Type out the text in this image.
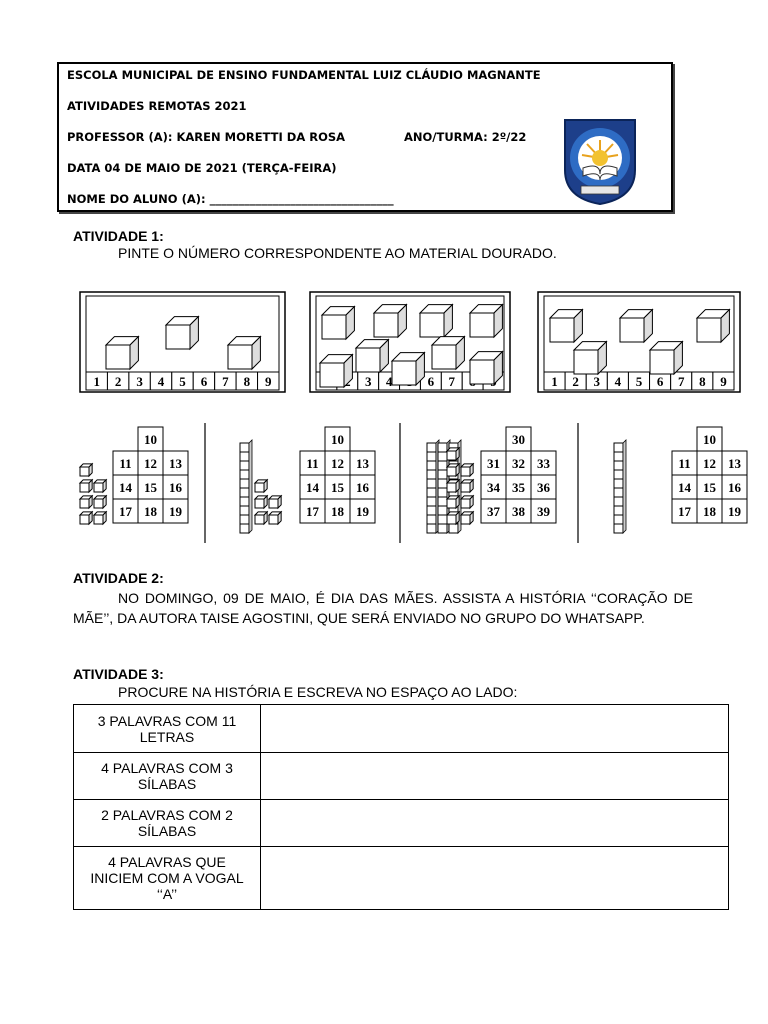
ESCOLA MUNICIPAL DE ENSINO FUNDAMENTAL LUIZ CLÁUDIO MAGNANTE
ATIVIDADES REMOTAS 2021
PROFESSOR (A): KAREN MORETTI DA ROSA	ANO/TURMA: 2º/22
DATA 04 DE MAIO DE 2021 (TERÇA-FEIRA)
NOME DO ALUNO (A): ________________________________
ATIVIDADE 1:
PINTE O NÚMERO CORRESPONDENTE AO MATERIAL DOURADO.
1 2 3 4 5 6 7 8 9	3 4	6 7	1 2 3 4 5 6 7 8 9
10
11 12 13
14 15 16
17 18 19
10
11 12 13
14 15 16
17 18 19
30
31 32 33
34 35 36
37 38 39
10
11 12 13
14 15 16
17 18 19
ATIVIDADE 2:
NO DOMINGO, 09 DE MAIO, É DIA DAS MÃES. ASSISTA A HISTÓRIA ‘‘CORAÇÃO DE MÃE’’, DA AUTORA TAISE AGOSTINI, QUE SERÁ ENVIADO NO GRUPO DO WHATSAPP.
ATIVIDADE 3:
PROCURE NA HISTÓRIA E ESCREVA NO ESPAÇO AO LADO:
3 PALAVRAS COM 11 LETRAS	
4 PALAVRAS COM 3 SÍLABAS	
2 PALAVRAS COM 2 SÍLABAS	
4 PALAVRAS QUE INICIEM COM A VOGAL ‘‘A’’	
